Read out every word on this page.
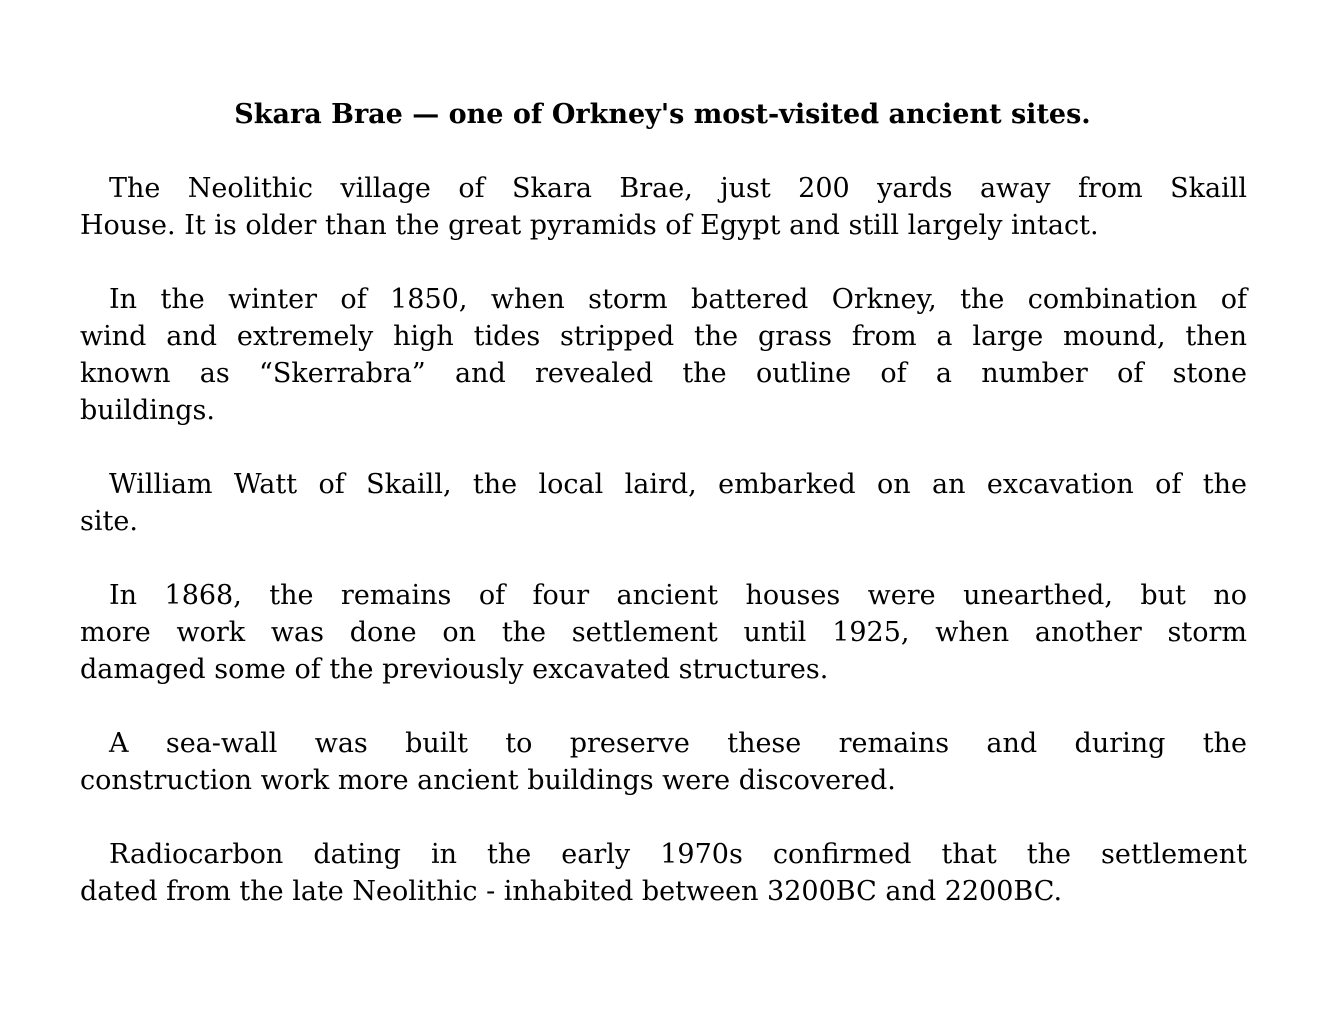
Skara Brae — one of Orkney's most-visited ancient sites.
The Neolithic village of Skara Brae, just 200 yards away from Skaill
House. It is older than the great pyramids of Egypt and still largely intact.
In the winter of 1850, when storm battered Orkney, the combination of
wind and extremely high tides stripped the grass from a large mound, then
known as “Skerrabra” and revealed the outline of a number of stone
buildings.
William Watt of Skaill, the local laird, embarked on an excavation of the
site.
In 1868, the remains of four ancient houses were unearthed, but no
more work was done on the settlement until 1925, when another storm
damaged some of the previously excavated structures.
A sea-wall was built to preserve these remains and during the
construction work more ancient buildings were discovered.
Radiocarbon dating in the early 1970s confirmed that the settlement
dated from the late Neolithic - inhabited between 3200BC and 2200BC.
